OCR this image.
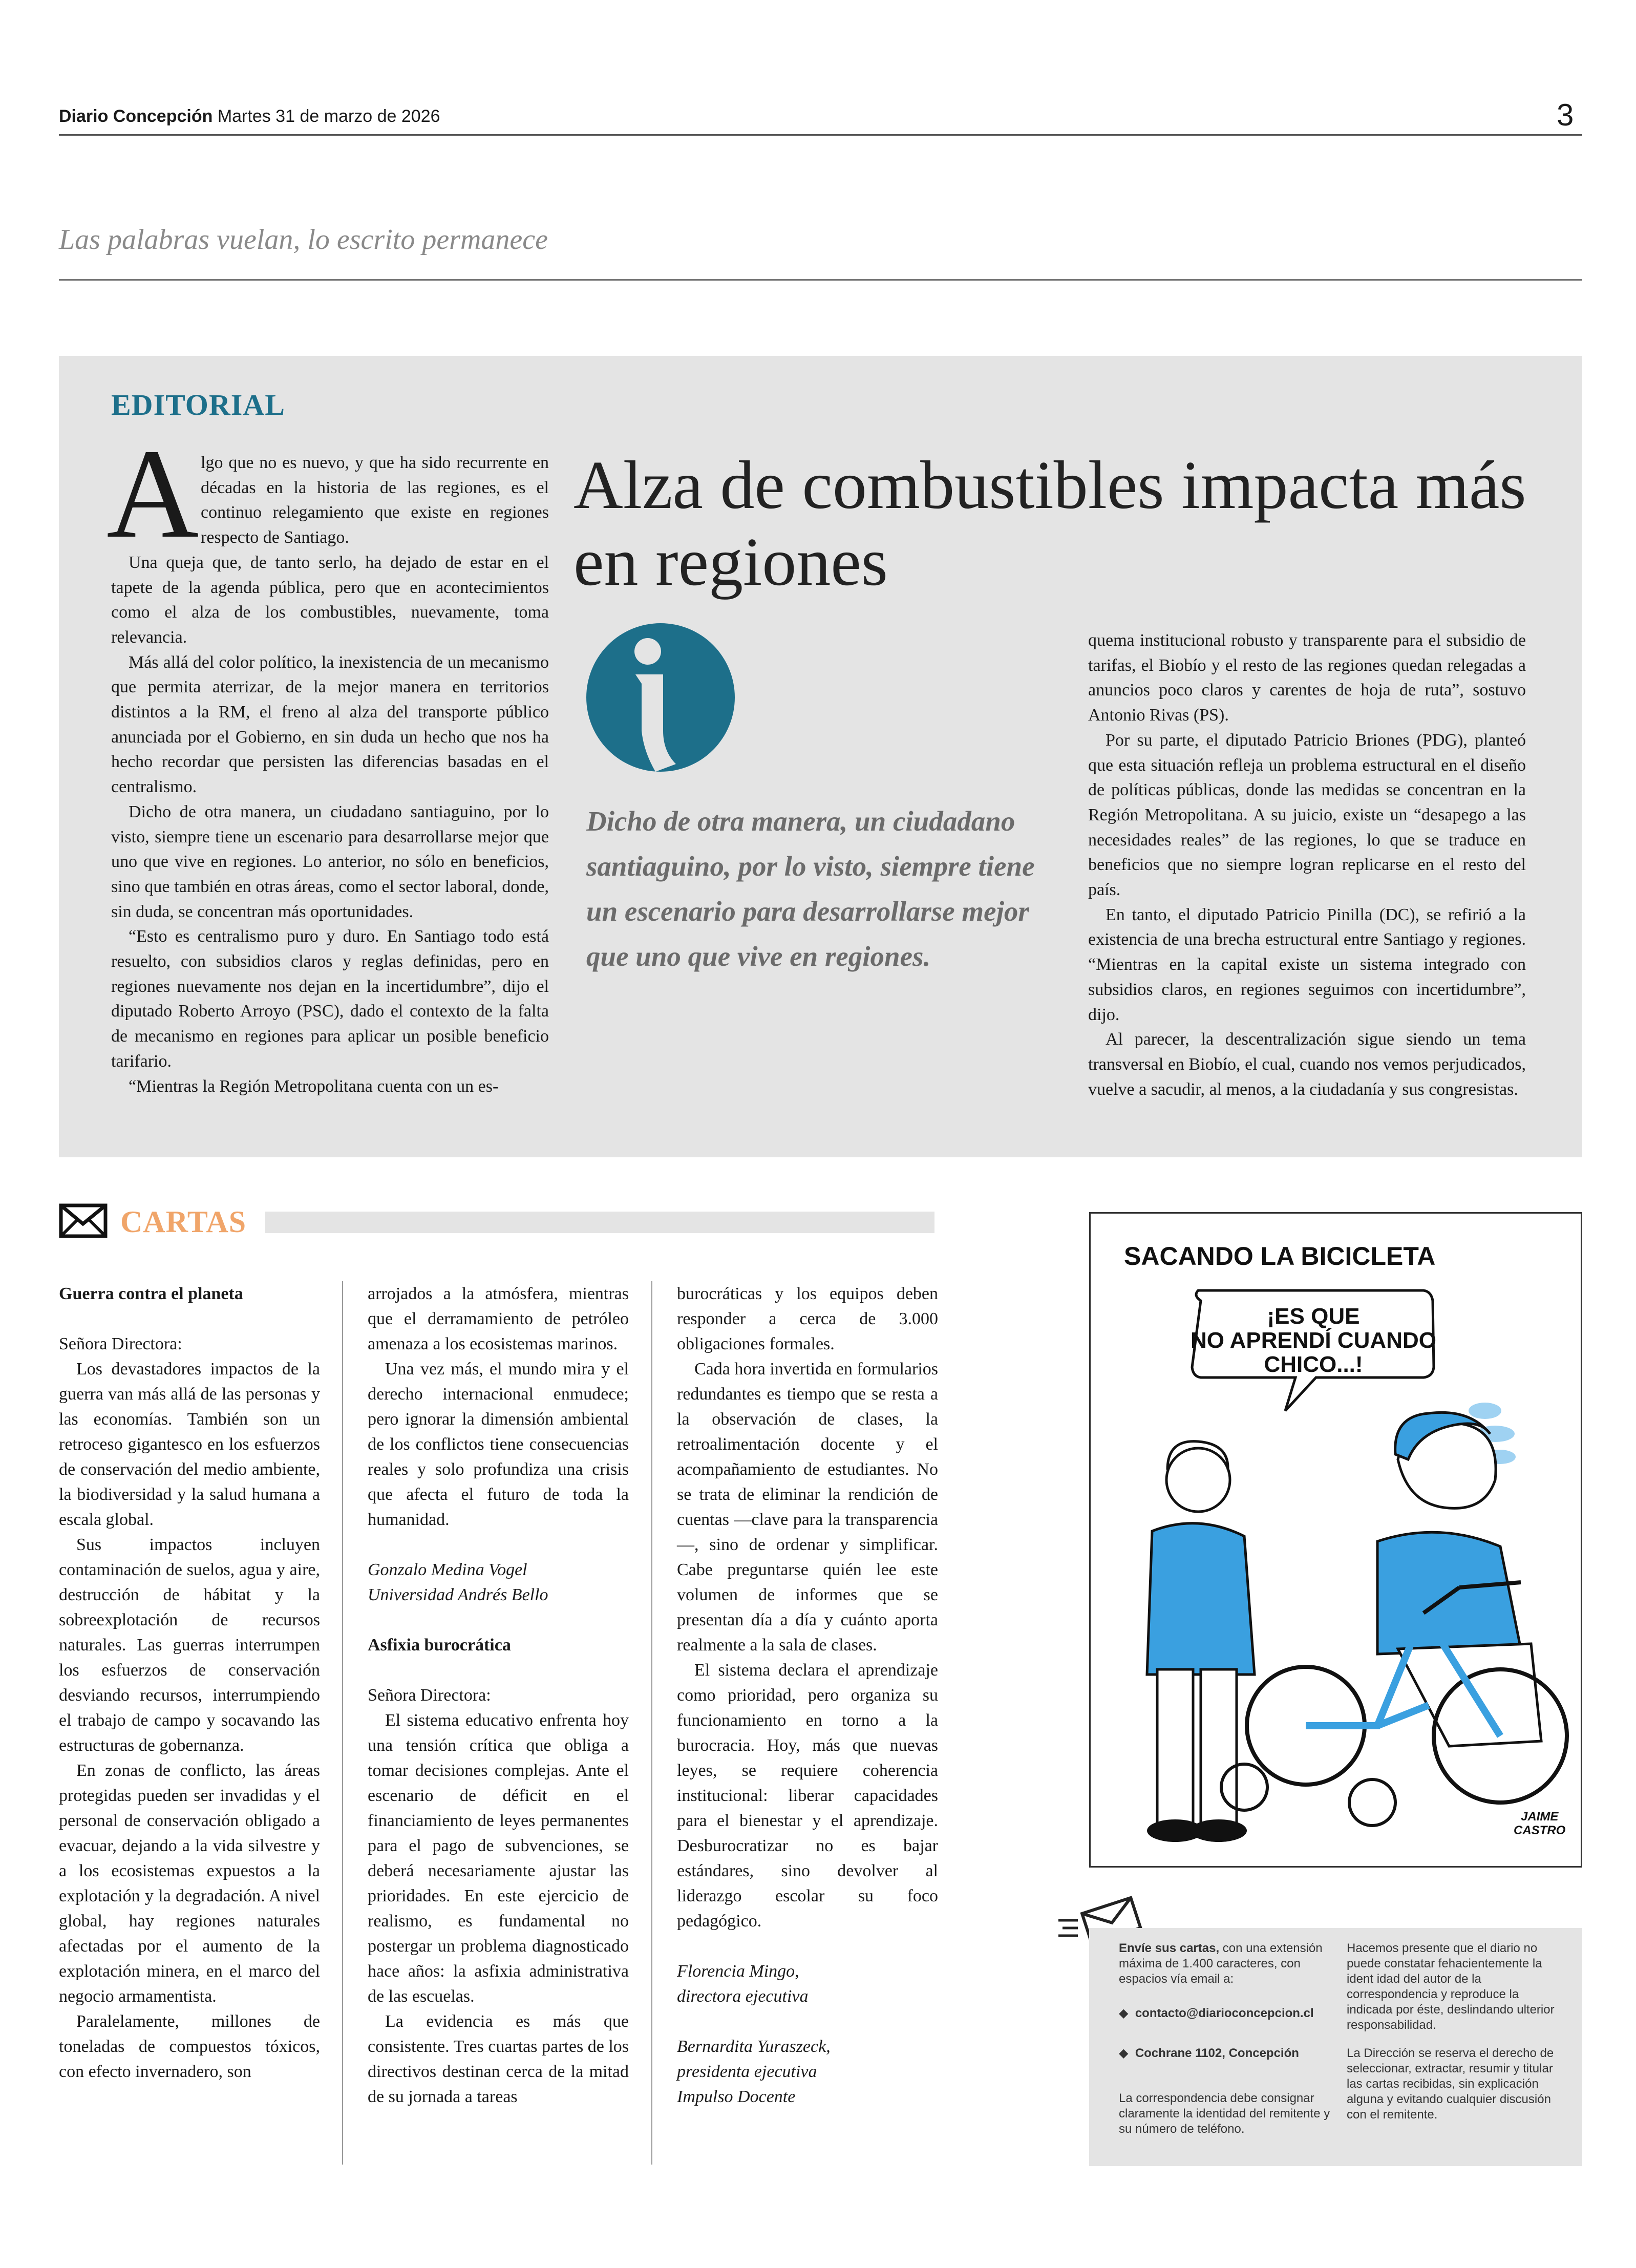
Diario Concepción Martes 31 de marzo de 2026	3
Las palabras vuelan, lo escrito permanece
EDITORIAL
A lgo que no es nuevo, y que ha sido recurrente en décadas en la historia de las regiones, es el continuo relegamiento que existe en regiones respecto de Santiago.

Una queja que, de tanto serlo, ha dejado de estar en el tapete de la agenda pública, pero que en acontecimientos como el alza de los combustibles, nuevamente, toma relevancia.

Más allá del color político, la inexistencia de un mecanismo que permita aterrizar, de la mejor manera en territorios distintos a la RM, el freno al alza del transporte público anunciada por el Gobierno, en sin duda un hecho que nos ha hecho recordar que persisten las diferencias basadas en el centralismo.

Dicho de otra manera, un ciudadano santiaguino, por lo visto, siempre tiene un escenario para desarrollarse mejor que uno que vive en regiones. Lo anterior, no sólo en beneficios, sino que también en otras áreas, como el sector laboral, donde, sin duda, se concentran más oportunidades.

“Esto es centralismo puro y duro. En Santiago todo está resuelto, con subsidios claros y reglas definidas, pero en regiones nuevamente nos dejan en la incertidumbre”, dijo el diputado Roberto Arroyo (PSC), dado el contexto de la falta de mecanismo en regiones para aplicar un posible beneficio tarifario.

“Mientras la Región Metropolitana cuenta con un es-

Alza de combustibles impacta más en regiones
Dicho de otra manera, un ciudadano santiaguino, por lo visto, siempre tiene un escenario para desarrollarse mejor que uno que vive en regiones.

quema institucional robusto y transparente para el subsidio de tarifas, el Biobío y el resto de las regiones quedan relegadas a anuncios poco claros y carentes de hoja de ruta”, sostuvo Antonio Rivas (PS).

Por su parte, el diputado Patricio Briones (PDG), planteó que esta situación refleja un problema estructural en el diseño de políticas públicas, donde las medidas se concentran en la Región Metropolitana. A su juicio, existe un “desapego a las necesidades reales” de las regiones, lo que se traduce en beneficios que no siempre logran replicarse en el resto del país.

En tanto, el diputado Patricio Pinilla (DC), se refirió a la existencia de una brecha estructural entre Santiago y regiones. “Mientras en la capital existe un sistema integrado con subsidios claros, en regiones seguimos con incertidumbre”, dijo.

Al parecer, la descentralización sigue siendo un tema transversal en Biobío, el cual, cuando nos vemos perjudicados, vuelve a sacudir, al menos, a la ciudadanía y sus congresistas.

CARTAS

Guerra contra el planeta

Señora Directora:

Los devastadores impactos de la guerra van más allá de las personas y las economías. También son un retroceso gigantesco en los esfuerzos de conservación del medio ambiente, la biodiversidad y la salud humana a escala global.

Sus impactos incluyen contaminación de suelos, agua y aire, destrucción de hábitat y la sobreexplotación de recursos naturales. Las guerras interrumpen los esfuerzos de conservación desviando recursos, interrumpiendo el trabajo de campo y socavando las estructuras de gobernanza.

En zonas de conflicto, las áreas protegidas pueden ser invadidas y el personal de conservación obligado a evacuar, dejando a la vida silvestre y a los ecosistemas expuestos a la explotación y la degradación. A nivel global, hay regiones naturales afectadas por el aumento de la explotación minera, en el marco del negocio armamentista.

Paralelamente, millones de toneladas de compuestos tóxicos, con efecto invernadero, son

arrojados a la atmósfera, mientras que el derramamiento de petróleo amenaza a los ecosistemas marinos.

Una vez más, el mundo mira y el derecho internacional enmudece; pero ignorar la dimensión ambiental de los conflictos tiene consecuencias reales y solo profundiza una crisis que afecta el futuro de toda la humanidad.

Gonzalo Medina Vogel

Universidad Andrés Bello

Asfixia burocrática

Señora Directora:

El sistema educativo enfrenta hoy una tensión crítica que obliga a tomar decisiones complejas. Ante el escenario de déficit en el financiamiento de leyes permanentes para el pago de subvenciones, se deberá necesariamente ajustar las prioridades. En este ejercicio de realismo, es fundamental no postergar un problema diagnosticado hace años: la asfixia administrativa de las escuelas.

La evidencia es más que consistente. Tres cuartas partes de los directivos destinan cerca de la mitad de su jornada a tareas

burocráticas y los equipos deben responder a cerca de 3.000 obligaciones formales.

Cada hora invertida en formularios redundantes es tiempo que se resta a la observación de clases, la retroalimentación docente y el acompañamiento de estudiantes. No se trata de eliminar la rendición de cuentas —clave para la transparencia—, sino de ordenar y simplificar. Cabe preguntarse quién lee este volumen de informes que se presentan día a día y cuánto aporta realmente a la sala de clases.

El sistema declara el aprendizaje como prioridad, pero organiza su funcionamiento en torno a la burocracia. Hoy, más que nuevas leyes, se requiere coherencia institucional: liberar capacidades para el bienestar y el aprendizaje. Desburocratizar no es bajar estándares, sino devolver al liderazgo escolar su foco pedagógico.

Florencia Mingo,

directora ejecutiva

Bernardita Yuraszeck,

presidenta ejecutiva

Impulso Docente

SACANDO LA BICICLETA
¡ES QUE
NO APRENDÍ CUANDO
CHICO...!
JAIME
CASTRO
Envíe sus cartas, con una extensión máxima de 1.400 caracteres, con espacios vía email a:
◆ contacto@diarioconcepcion.cl
◆ Cochrane 1102, Concepción
La correspondencia debe consignar claramente la identidad del remitente y su número de teléfono.
Hacemos presente que el diario no puede constatar fehacientemente la ident idad del autor de la correspondencia y reproduce la indicada por éste, deslindando ulterior responsabilidad.
La Dirección se reserva el derecho de seleccionar, extractar, resumir y titular las cartas recibidas, sin explicación alguna y evitando cualquier discusión con el remitente.
